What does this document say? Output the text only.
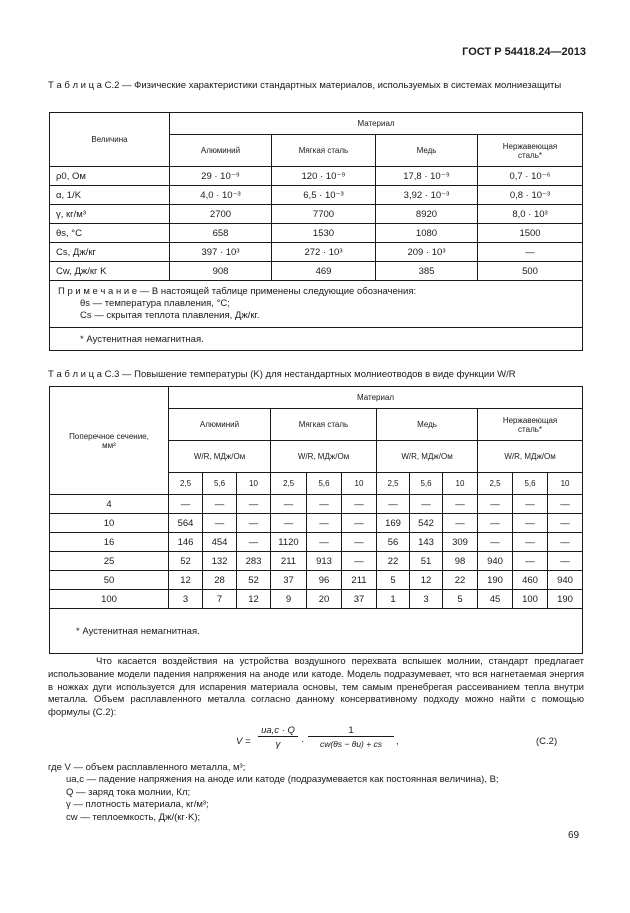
ГОСТ Р 54418.24—2013
Т а б л и ц а С.2 — Физические характеристики стандартных материалов, используемых в системах молниезащиты
Величина	Материал			
	Алюминий	Мягкая сталь	Медь	Нержавеющая сталь*
ρ0, Ом	29 · 10⁻⁹	120 · 10⁻⁹	17,8 · 10⁻⁹	0,7 · 10⁻⁶
α, 1/K	4,0 · 10⁻³	6,5 · 10⁻³	3,92 · 10⁻³	0,8 · 10⁻³
γ, кг/м³	2700	7700	8920	8,0 · 10³
θs, °C	658	1530	1080	1500
Cs, Дж/кг	397 · 10³	272 · 10³	209 · 10³	—
Cw, Дж/кг K	908	469	385	500

П р и м е ч а н и е — В настоящей таблице применены следующие обозначения:
θs — температура плавления, °C;
Cs — скрытая теплота плавления, Дж/кг.				

* Аустенитная немагнитная.				
Т а б л и ц а С.3 — Повышение температуры (K) для нестандартных молниеотводов в виде функции W/R
Поперечное сечение, мм²	Материал											
	Алюминий			Мягкая сталь			Медь			Нержавеющая сталь*		
	W/R, МДж/Ом			W/R, МДж/Ом			W/R, МДж/Ом			W/R, МДж/Ом		
	2,5	5,6	10	2,5	5,6	10	2,5	5,6	10	2,5	5,6	10
4	—	—	—	—	—	—	—	—	—	—	—	—
10	564	—	—	—	—	—	169	542	—	—	—	—
16	146	454	—	1120	—	—	56	143	309	—	—	—
25	52	132	283	211	913	—	22	51	98	940	—	—
50	12	28	52	37	96	211	5	12	22	190	460	940
100	3	7	12	9	20	37	1	3	5	45	100	190
* Аустенитная немагнитная.												
Что касается воздействия на устройства воздушного перехвата вспышек молнии, стандарт предлагает использование модели падения напряжения на аноде или катоде. Модель подразумевает, что вся нагнетаемая энергия в ножках дуги используется для испарения материала основы, тем самым пренебрегая рассеиванием тепла внутри металла. Объем расплавленного металла согласно данному консервативному подходу можно найти с помощью формулы (С.2):
V =
ua,c · Q
γ	·
1
cw(θs − θu) + cs	,	(С.2)
где V — объем расплавленного металла, м³;
ua,c — падение напряжения на аноде или катоде (подразумевается как постоянная величина), В;
Q — заряд тока молнии, Кл;
γ — плотность материала, кг/м³;
cw — теплоемкость, Дж/(кг·K);
69
